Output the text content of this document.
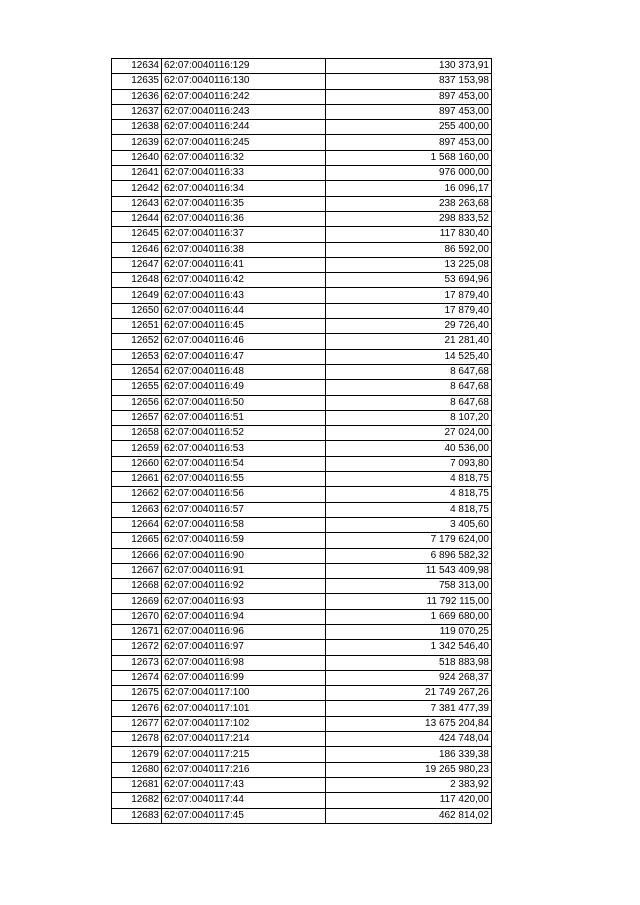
12634	62:07:0040116:129	130 373,91
12635	62:07:0040116:130	837 153,98
12636	62:07:0040116:242	897 453,00
12637	62:07:0040116:243	897 453,00
12638	62:07:0040116:244	255 400,00
12639	62:07:0040116:245	897 453,00
12640	62:07:0040116:32	1 568 160,00
12641	62:07:0040116:33	976 000,00
12642	62:07:0040116:34	16 096,17
12643	62:07:0040116:35	238 263,68
12644	62:07:0040116:36	298 833,52
12645	62:07:0040116:37	117 830,40
12646	62:07:0040116:38	86 592,00
12647	62:07:0040116:41	13 225,08
12648	62:07:0040116:42	53 694,96
12649	62:07:0040116:43	17 879,40
12650	62:07:0040116:44	17 879,40
12651	62:07:0040116:45	29 726,40
12652	62:07:0040116:46	21 281,40
12653	62:07:0040116:47	14 525,40
12654	62:07:0040116:48	8 647,68
12655	62:07:0040116:49	8 647,68
12656	62:07:0040116:50	8 647,68
12657	62:07:0040116:51	8 107,20
12658	62:07:0040116:52	27 024,00
12659	62:07:0040116:53	40 536,00
12660	62:07:0040116:54	7 093,80
12661	62:07:0040116:55	4 818,75
12662	62:07:0040116:56	4 818,75
12663	62:07:0040116:57	4 818,75
12664	62:07:0040116:58	3 405,60
12665	62:07:0040116:59	7 179 624,00
12666	62:07:0040116:90	6 896 582,32
12667	62:07:0040116:91	11 543 409,98
12668	62:07:0040116:92	758 313,00
12669	62:07:0040116:93	11 792 115,00
12670	62:07:0040116:94	1 669 680,00
12671	62:07:0040116:96	119 070,25
12672	62:07:0040116:97	1 342 546,40
12673	62:07:0040116:98	518 883,98
12674	62:07:0040116:99	924 268,37
12675	62:07:0040117:100	21 749 267,26
12676	62:07:0040117:101	7 381 477,39
12677	62:07:0040117:102	13 675 204,84
12678	62:07:0040117:214	424 748,04
12679	62:07:0040117:215	186 339,38
12680	62:07:0040117:216	19 265 980,23
12681	62:07:0040117:43	2 383,92
12682	62:07:0040117:44	117 420,00
12683	62:07:0040117:45	462 814,02
